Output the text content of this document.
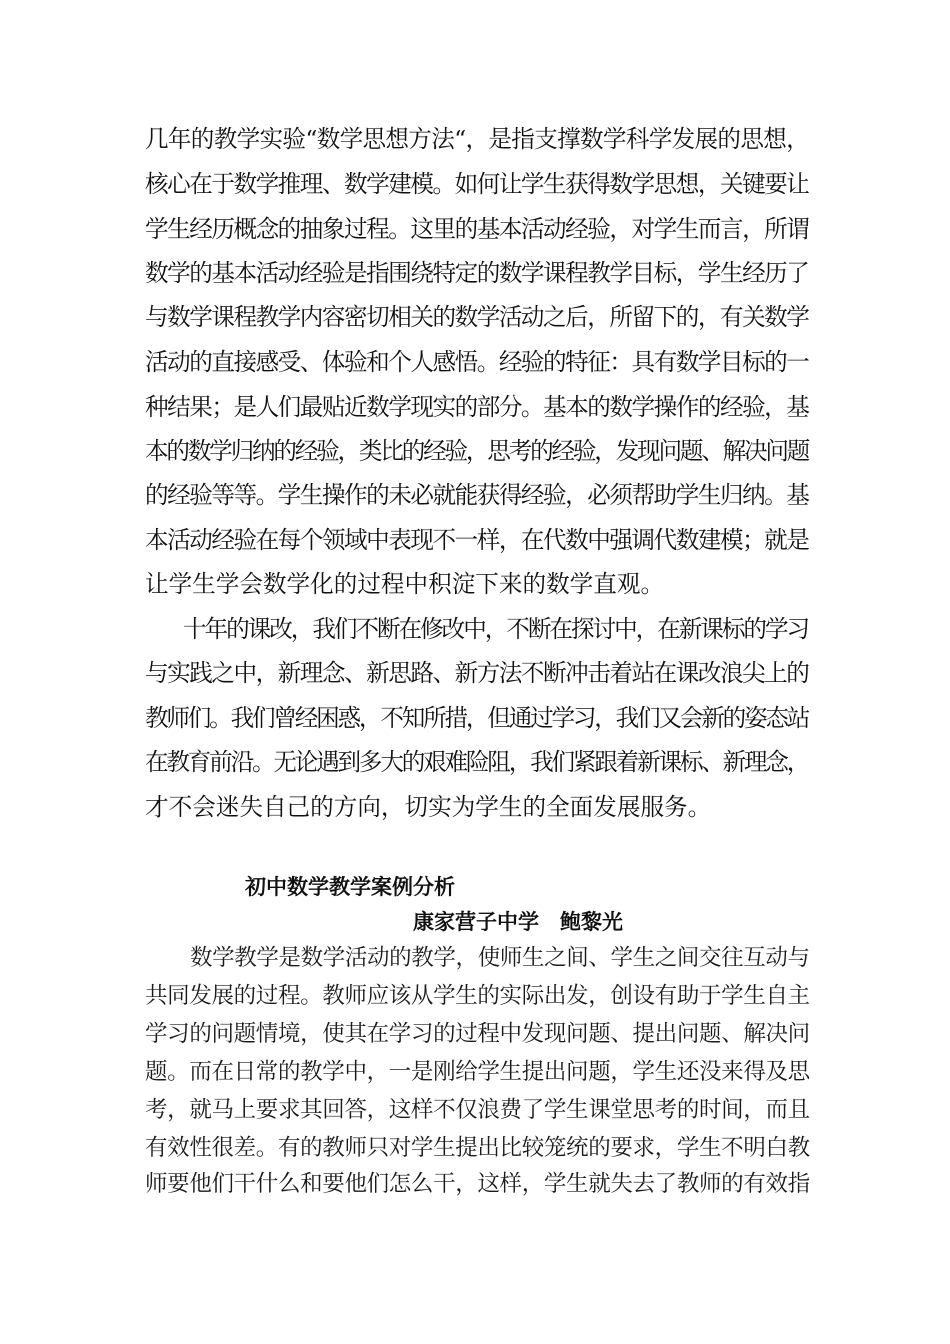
几年的教学实验“数学思想方法“，是指支撑数学科学发展的思想，
核心在于数学推理、数学建模。如何让学生获得数学思想，关键要让
学生经历概念的抽象过程。这里的基本活动经验，对学生而言，所谓
数学的基本活动经验是指围绕特定的数学课程教学目标，学生经历了
与数学课程教学内容密切相关的数学活动之后，所留下的，有关数学
活动的直接感受、体验和个人感悟。经验的特征：具有数学目标的一
种结果；是人们最贴近数学现实的部分。基本的数学操作的经验，基
本的数学归纳的经验，类比的经验，思考的经验，发现问题、解决问题
的经验等等。学生操作的未必就能获得经验，必须帮助学生归纳。基
本活动经验在每个领域中表现不一样，在代数中强调代数建模；就是
让学生学会数学化的过程中积淀下来的数学直观。
十年的课改，我们不断在修改中，不断在探讨中，在新课标的学习
与实践之中，新理念、新思路、新方法不断冲击着站在课改浪尖上的
教师们。我们曾经困惑，不知所措，但通过学习，我们又会新的姿态站
在教育前沿。无论遇到多大的艰难险阻，我们紧跟着新课标、新理念，
才不会迷失自己的方向，切实为学生的全面发展服务。
初中数学教学案例分析
康家营子中学　鲍黎光
数学教学是数学活动的教学，使师生之间、学生之间交往互动与
共同发展的过程。教师应该从学生的实际出发，创设有助于学生自主
学习的问题情境，使其在学习的过程中发现问题、提出问题、解决问
题。而在日常的教学中，一是刚给学生提出问题，学生还没来得及思
考，就马上要求其回答，这样不仅浪费了学生课堂思考的时间，而且
有效性很差。有的教师只对学生提出比较笼统的要求，学生不明白教
师要他们干什么和要他们怎么干，这样，学生就失去了教师的有效指
